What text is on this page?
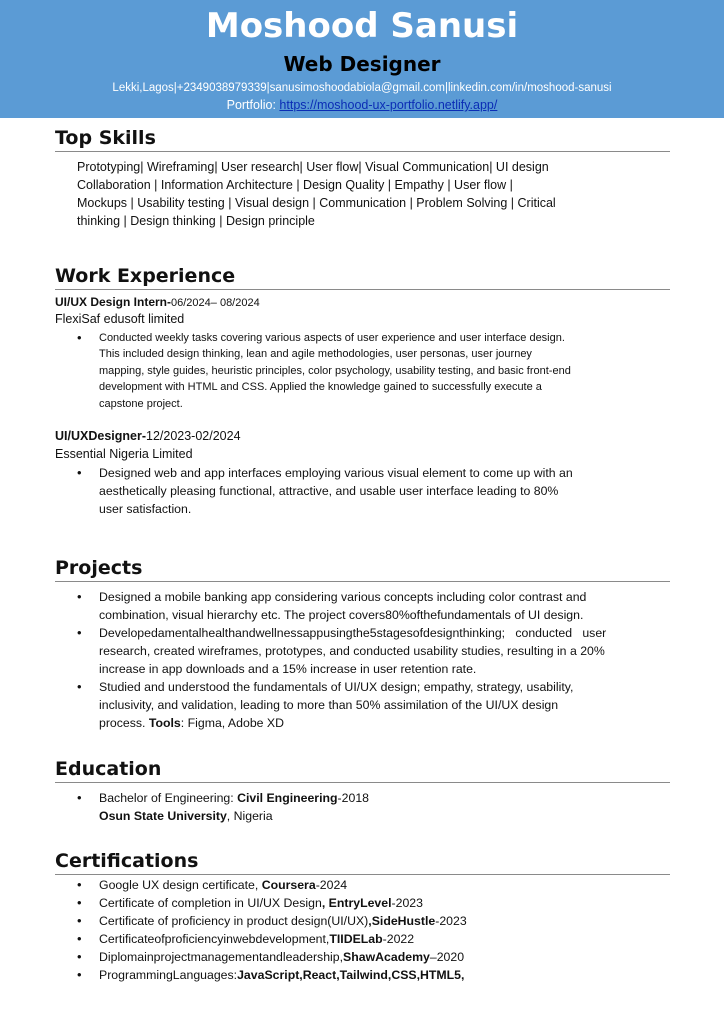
Moshood Sanusi
Web Designer
Lekki,Lagos|+2349038979339|sanusimoshoodabiola@gmail.com|linkedin.com/in/moshood-sanusi
Portfolio: https://moshood-ux-portfolio.netlify.app/
Top Skills
Prototyping| Wireframing| User research| User flow| Visual Communication| UI design
Collaboration | Information Architecture | Design Quality | Empathy | User flow |
Mockups | Usability testing | Visual design | Communication | Problem Solving | Critical
thinking | Design thinking | Design principle
Work Experience
UI/UX Design Intern-06/2024– 08/2024
FlexiSaf edusoft limited
• Conducted weekly tasks covering various aspects of user experience and user interface design.
This included design thinking, lean and agile methodologies, user personas, user journey
mapping, style guides, heuristic principles, color psychology, usability testing, and basic front-end
development with HTML and CSS. Applied the knowledge gained to successfully execute a
capstone project.
UI/UXDesigner-12/2023-02/2024
Essential Nigeria Limited
• Designed web and app interfaces employing various visual element to come up with an
aesthetically pleasing functional, attractive, and usable user interface leading to 80%
user satisfaction.
Projects
• Designed a mobile banking app considering various concepts including color contrast and
combination, visual hierarchy etc. The project covers80%ofthefundamentals of UI design.
• Developedamentalhealthandwellnessappusingthe5stagesofdesignthinking;   conducted   user
research, created wireframes, prototypes, and conducted usability studies, resulting in a 20%
increase in app downloads and a 15% increase in user retention rate.
• Studied and understood the fundamentals of UI/UX design; empathy, strategy, usability,
inclusivity, and validation, leading to more than 50% assimilation of the UI/UX design
process. Tools: Figma, Adobe XD
Education
• Bachelor of Engineering: Civil Engineering-2018
Osun State University, Nigeria
Certifications
• Google UX design certificate, Coursera-2024
• Certificate of completion in UI/UX Design, EntryLevel-2023
• Certificate of proficiency in product design(UI/UX),SideHustle-2023
• Certificateofproficiencyinwebdevelopment,TIIDELab-2022
• Diplomainprojectmanagementandleadership,ShawAcademy–2020
• ProgrammingLanguages:JavaScript,React,Tailwind,CSS,HTML5,
